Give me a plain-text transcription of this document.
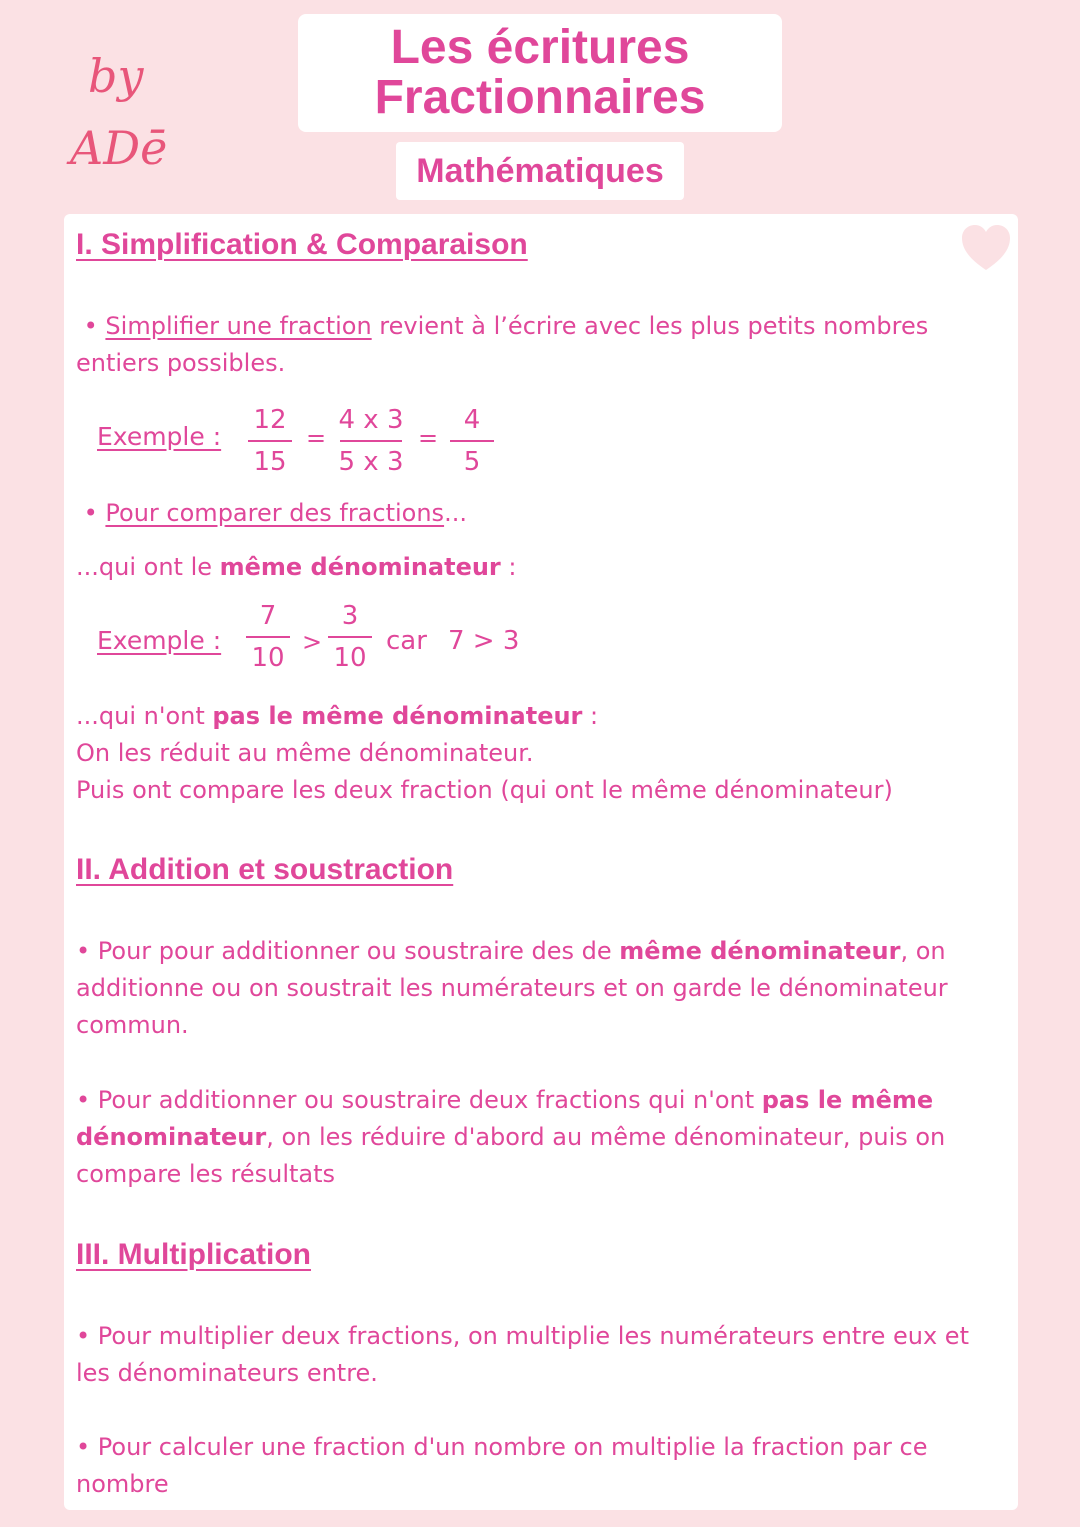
by
ADē
Les écritures
Fractionnaires
Mathématiques
I. Simplification & Comparaison
• Simplifier une fraction revient à l’écrire avec les plus petits nombres entiers possibles.
Exemple :
12
15
=
4 x 3
5 x 3
=
4
5
• Pour comparer des fractions...
...qui ont le même dénominateur :
Exemple :
7
10
>
3
10
car 7 > 3
...qui n'ont pas le même dénominateur :
On les réduit au même dénominateur.
Puis ont compare les deux fraction (qui ont le même dénominateur)
II. Addition et soustraction
• Pour pour additionner ou soustraire des de même dénominateur, on additionne ou on soustrait les numérateurs et on garde le dénominateur commun.
• Pour additionner ou soustraire deux fractions qui n'ont pas le même dénominateur, on les réduire d'abord au même dénominateur, puis on compare les résultats
III. Multiplication
• Pour multiplier deux fractions, on multiplie les numérateurs entre eux et les dénominateurs entre.
• Pour calculer une fraction d'un nombre on multiplie la fraction par ce nombre
